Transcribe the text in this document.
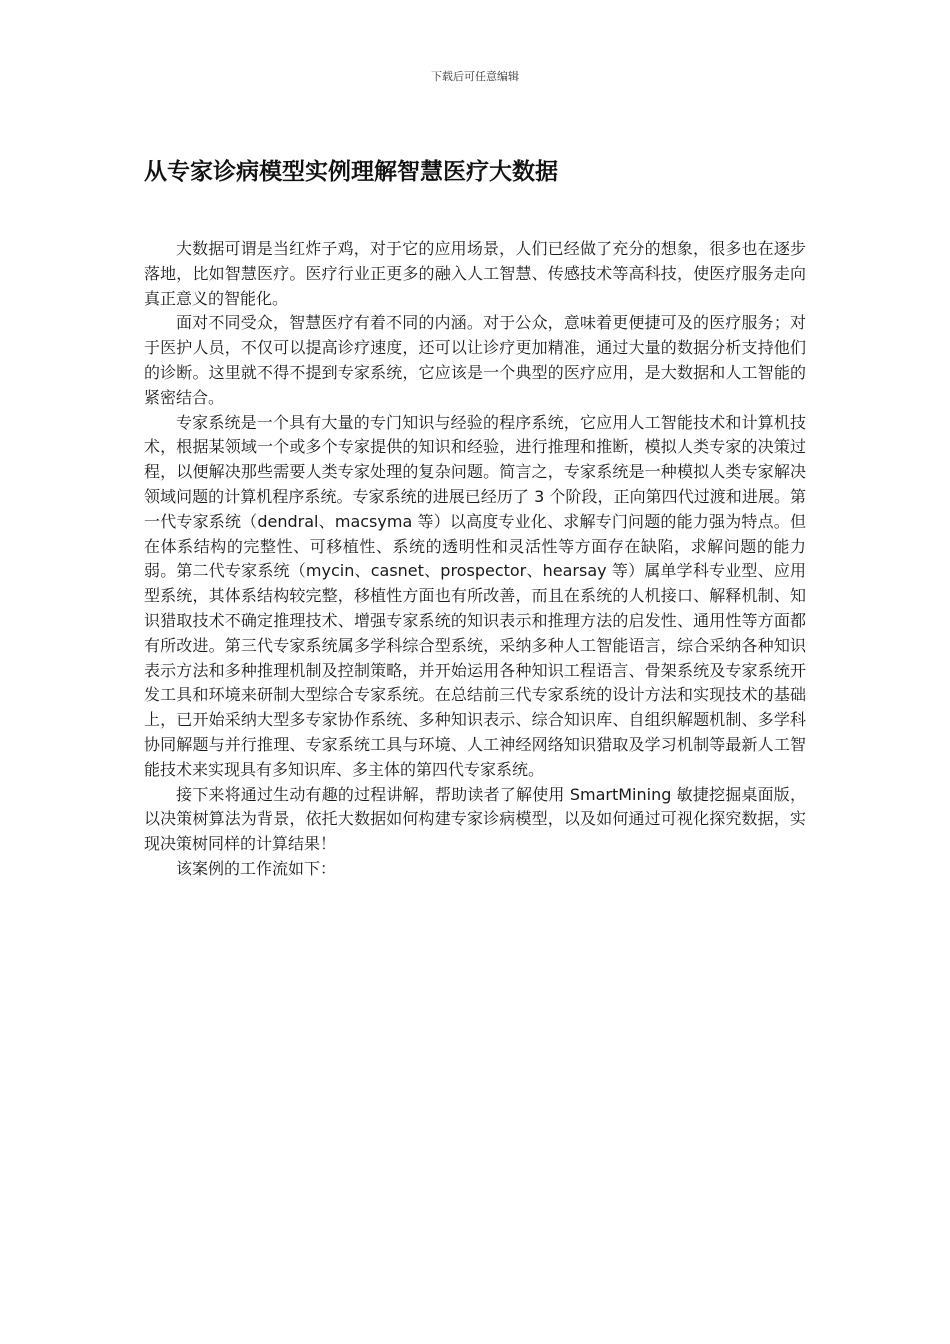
下载后可任意编辑

从专家诊病模型实例理解智慧医疗大数据

大数据可谓是当红炸子鸡，对于它的应用场景，人们已经做了充分的想象，很多也在逐步落地，比如智慧医疗。医疗行业正更多的融入人工智慧、传感技术等高科技，使医疗服务走向真正意义的智能化。

面对不同受众，智慧医疗有着不同的内涵。对于公众，意味着更便捷可及的医疗服务；对于医护人员，不仅可以提高诊疗速度，还可以让诊疗更加精准，通过大量的数据分析支持他们的诊断。这里就不得不提到专家系统，它应该是一个典型的医疗应用，是大数据和人工智能的紧密结合。

专家系统是一个具有大量的专门知识与经验的程序系统，它应用人工智能技术和计算机技术，根据某领域一个或多个专家提供的知识和经验，进行推理和推断，模拟人类专家的决策过程，以便解决那些需要人类专家处理的复杂问题。简言之，专家系统是一种模拟人类专家解决领域问题的计算机程序系统。专家系统的进展已经历了 3 个阶段，正向第四代过渡和进展。第一代专家系统（dendral、macsyma 等）以高度专业化、求解专门问题的能力强为特点。但在体系结构的完整性、可移植性、系统的透明性和灵活性等方面存在缺陷，求解问题的能力弱。第二代专家系统（mycin、casnet、prospector、hearsay 等）属单学科专业型、应用型系统，其体系结构较完整，移植性方面也有所改善，而且在系统的人机接口、解释机制、知识猎取技术不确定推理技术、增强专家系统的知识表示和推理方法的启发性、通用性等方面都有所改进。第三代专家系统属多学科综合型系统，采纳多种人工智能语言，综合采纳各种知识表示方法和多种推理机制及控制策略，并开始运用各种知识工程语言、骨架系统及专家系统开发工具和环境来研制大型综合专家系统。在总结前三代专家系统的设计方法和实现技术的基础上，已开始采纳大型多专家协作系统、多种知识表示、综合知识库、自组织解题机制、多学科协同解题与并行推理、专家系统工具与环境、人工神经网络知识猎取及学习机制等最新人工智能技术来实现具有多知识库、多主体的第四代专家系统。

接下来将通过生动有趣的过程讲解，帮助读者了解使用 SmartMining 敏捷挖掘桌面版，以决策树算法为背景，依托大数据如何构建专家诊病模型，以及如何通过可视化探究数据，实现决策树同样的计算结果！

该案例的工作流如下：
